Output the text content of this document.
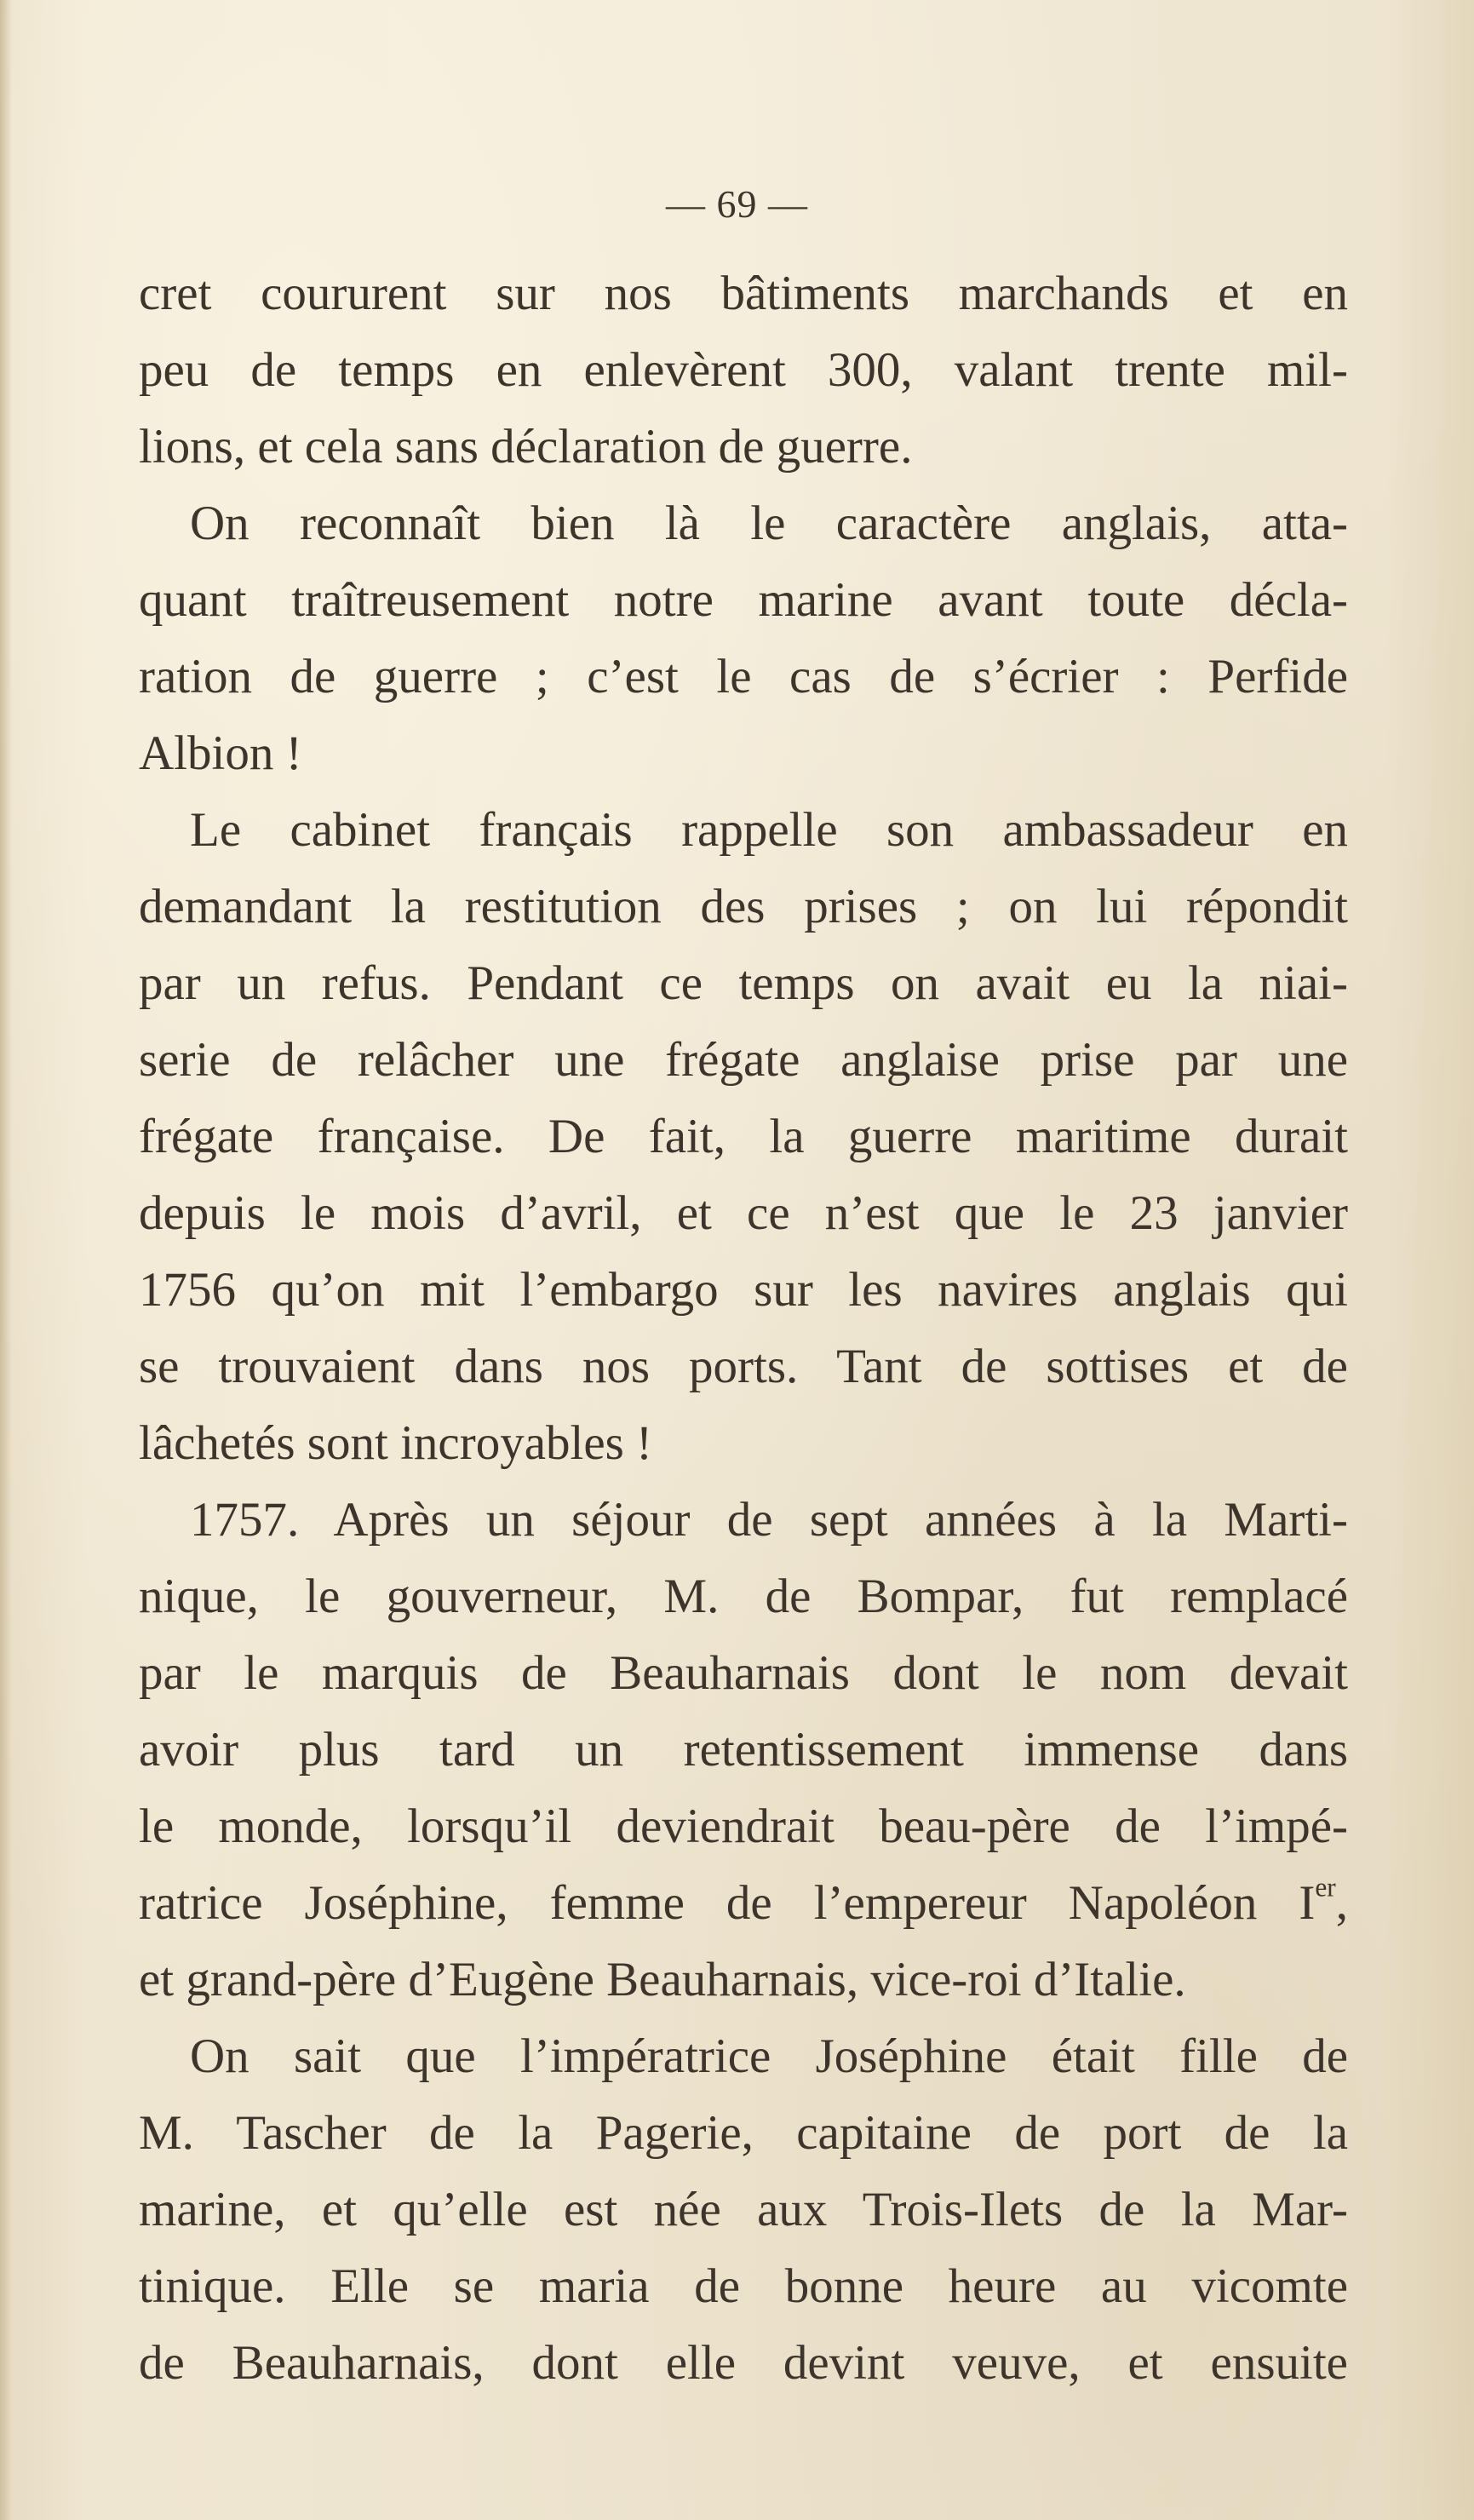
— 69 —
cret coururent sur nos bâtiments marchands et en
peu de temps en enlevèrent 300, valant trente mil-
lions, et cela sans déclaration de guerre.
On reconnaît bien là le caractère anglais, atta-
quant traîtreusement notre marine avant toute décla-
ration de guerre ; c’est le cas de s’écrier : Perfide
Albion !
Le cabinet français rappelle son ambassadeur en
demandant la restitution des prises ; on lui répondit
par un refus. Pendant ce temps on avait eu la niai-
serie de relâcher une frégate anglaise prise par une
frégate française. De fait, la guerre maritime durait
depuis le mois d’avril, et ce n’est que le 23 janvier
1756 qu’on mit l’embargo sur les navires anglais qui
se trouvaient dans nos ports. Tant de sottises et de
lâchetés sont incroyables !
1757. Après un séjour de sept années à la Marti-
nique, le gouverneur, M. de Bompar, fut remplacé
par le marquis de Beauharnais dont le nom devait
avoir plus tard un retentissement immense dans
le monde, lorsqu’il deviendrait beau-père de l’impé-
ratrice Joséphine, femme de l’empereur Napoléon Ier,
et grand-père d’Eugène Beauharnais, vice-roi d’Italie.
On sait que l’impératrice Joséphine était fille de
M. Tascher de la Pagerie, capitaine de port de la
marine, et qu’elle est née aux Trois-Ilets de la Mar-
tinique. Elle se maria de bonne heure au vicomte
de Beauharnais, dont elle devint veuve, et ensuite
